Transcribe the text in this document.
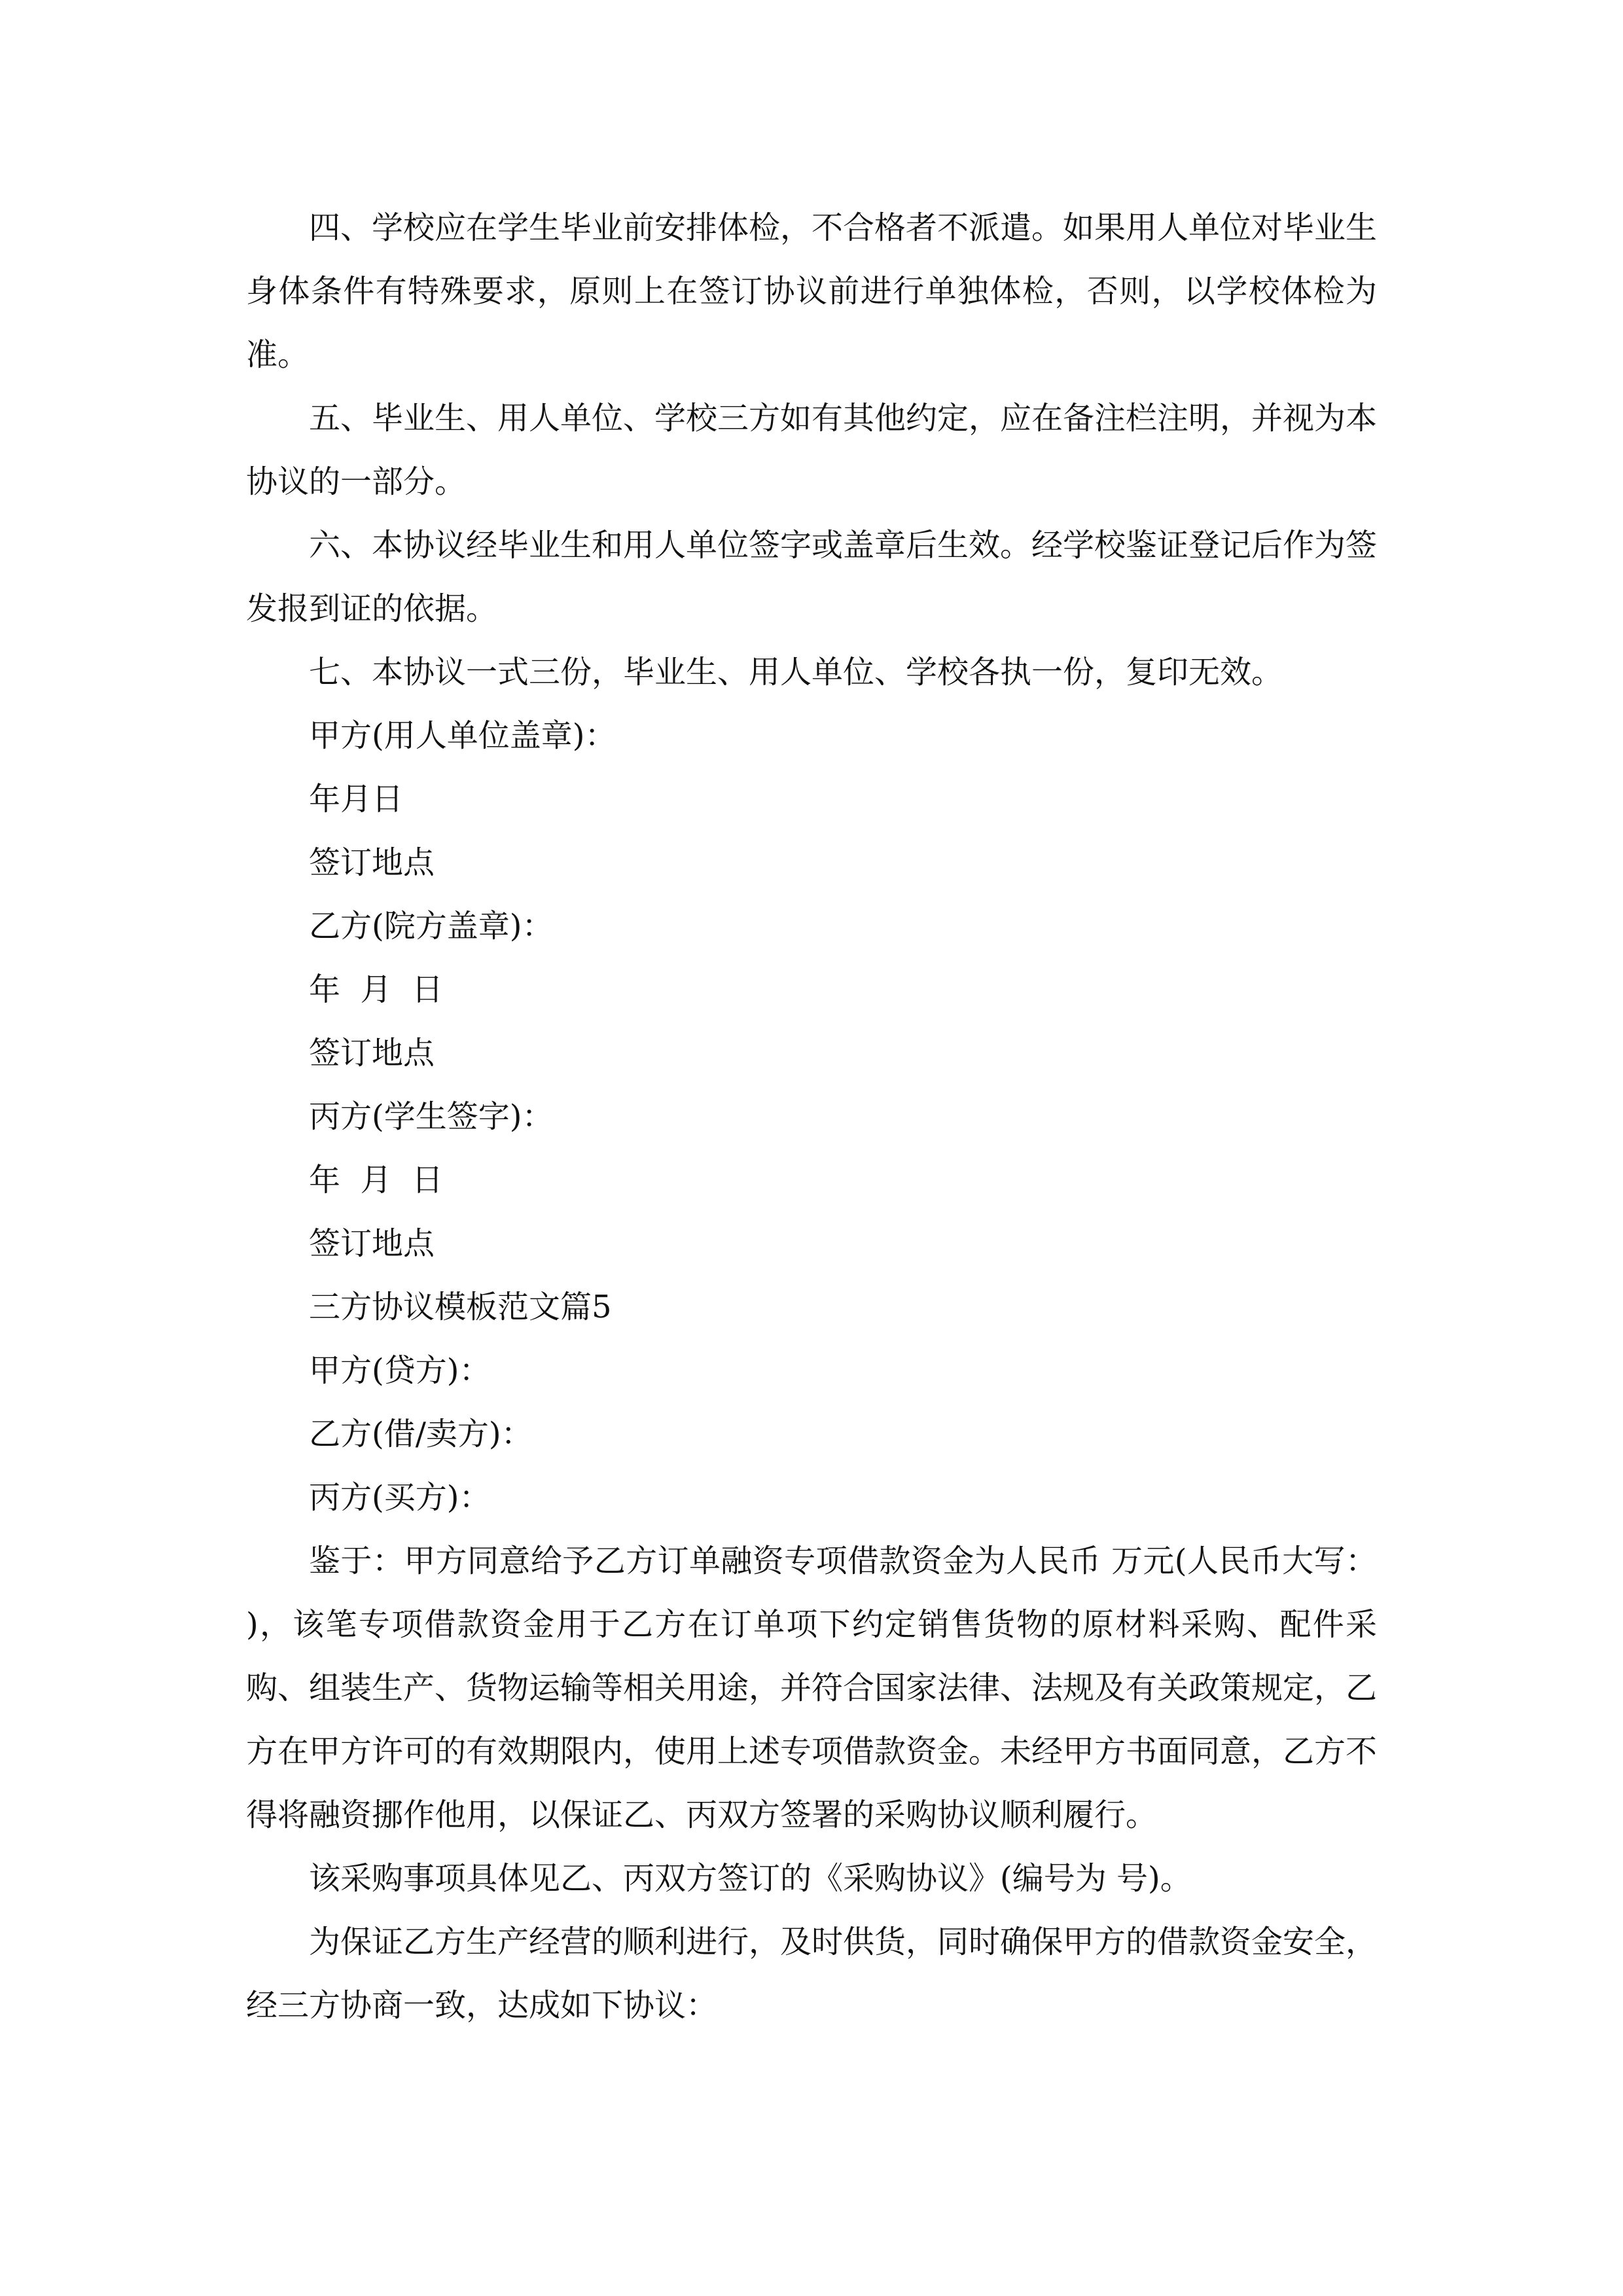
四、学校应在学生毕业前安排体检，不合格者不派遣。如果用人单位对毕业生身体条件有特殊要求，原则上在签订协议前进行单独体检，否则，以学校体检为准。

五、毕业生、用人单位、学校三方如有其他约定，应在备注栏注明，并视为本协议的一部分。

六、本协议经毕业生和用人单位签字或盖章后生效。经学校鉴证登记后作为签发报到证的依据。

七、本协议一式三份，毕业生、用人单位、学校各执一份，复印无效。

甲方(用人单位盖章)：

年月日

签订地点

乙方(院方盖章)：

年  月  日

签订地点

丙方(学生签字)：

年  月  日

签订地点

三方协议模板范文篇5

甲方(贷方)：

乙方(借/卖方)：

丙方(买方)：

鉴于：甲方同意给予乙方订单融资专项借款资金为人民币 万元(人民币大写： )，该笔专项借款资金用于乙方在订单项下约定销售货物的原材料采购、配件采购、组装生产、货物运输等相关用途，并符合国家法律、法规及有关政策规定，乙方在甲方许可的有效期限内，使用上述专项借款资金。未经甲方书面同意，乙方不得将融资挪作他用，以保证乙、丙双方签署的采购协议顺利履行。

该采购事项具体见乙、丙双方签订的《采购协议》(编号为 号)。

为保证乙方生产经营的顺利进行，及时供货，同时确保甲方的借款资金安全，经三方协商一致，达成如下协议：
